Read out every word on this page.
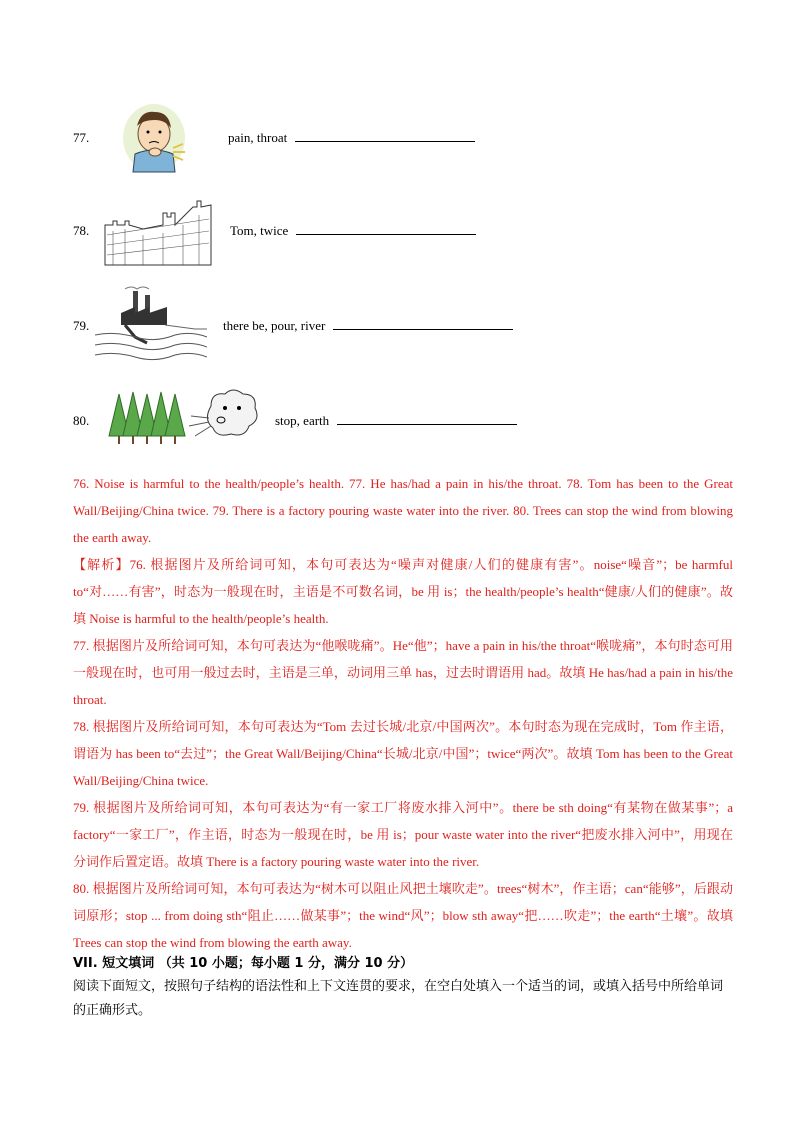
77.	pain, throat
78.	Tom, twice
79.	there be, pour, river
80.	stop, earth

76. Noise is harmful to the health/people’s health. 77. He has/had a pain in his/the throat. 78. Tom has been to the Great Wall/Beijing/China twice. 79. There is a factory pouring waste water into the river. 80. Trees can stop the wind from blowing the earth away.

【解析】76. 根据图片及所给词可知，本句可表达为“噪声对健康/人们的健康有害”。noise“噪音”；be harmful to“对……有害”，时态为一般现在时，主语是不可数名词，be 用 is；the health/people’s health“健康/人们的健康”。故填 Noise is harmful to the health/people’s health.

77. 根据图片及所给词可知，本句可表达为“他喉咙痛”。He“他”；have a pain in his/the throat“喉咙痛”，本句时态可用一般现在时，也可用一般过去时，主语是三单，动词用三单 has，过去时谓语用 had。故填 He has/had a pain in his/the throat.

78. 根据图片及所给词可知，本句可表达为“Tom 去过长城/北京/中国两次”。本句时态为现在完成时，Tom 作主语，谓语为 has been to“去过”；the Great Wall/Beijing/China“长城/北京/中国”；twice“两次”。故填 Tom has been to the Great Wall/Beijing/China twice.

79. 根据图片及所给词可知，本句可表达为“有一家工厂将废水排入河中”。there be sth doing“有某物在做某事”；a factory“一家工厂”，作主语，时态为一般现在时，be 用 is；pour waste water into the river“把废水排入河中”，用现在分词作后置定语。故填 There is a factory pouring waste water into the river.

80. 根据图片及所给词可知，本句可表达为“树木可以阻止风把土壤吹走”。trees“树木”，作主语；can“能够”，后跟动词原形；stop ... from doing sth“阻止……做某事”；the wind“风”；blow sth away“把……吹走”；the earth“土壤”。故填 Trees can stop the wind from blowing the earth away.

VII. 短文填词 （共 10 小题；每小题 1 分，满分 10 分）
阅读下面短文，按照句子结构的语法性和上下文连贯的要求，在空白处填入一个适当的词，或填入括号中所给单词的正确形式。
